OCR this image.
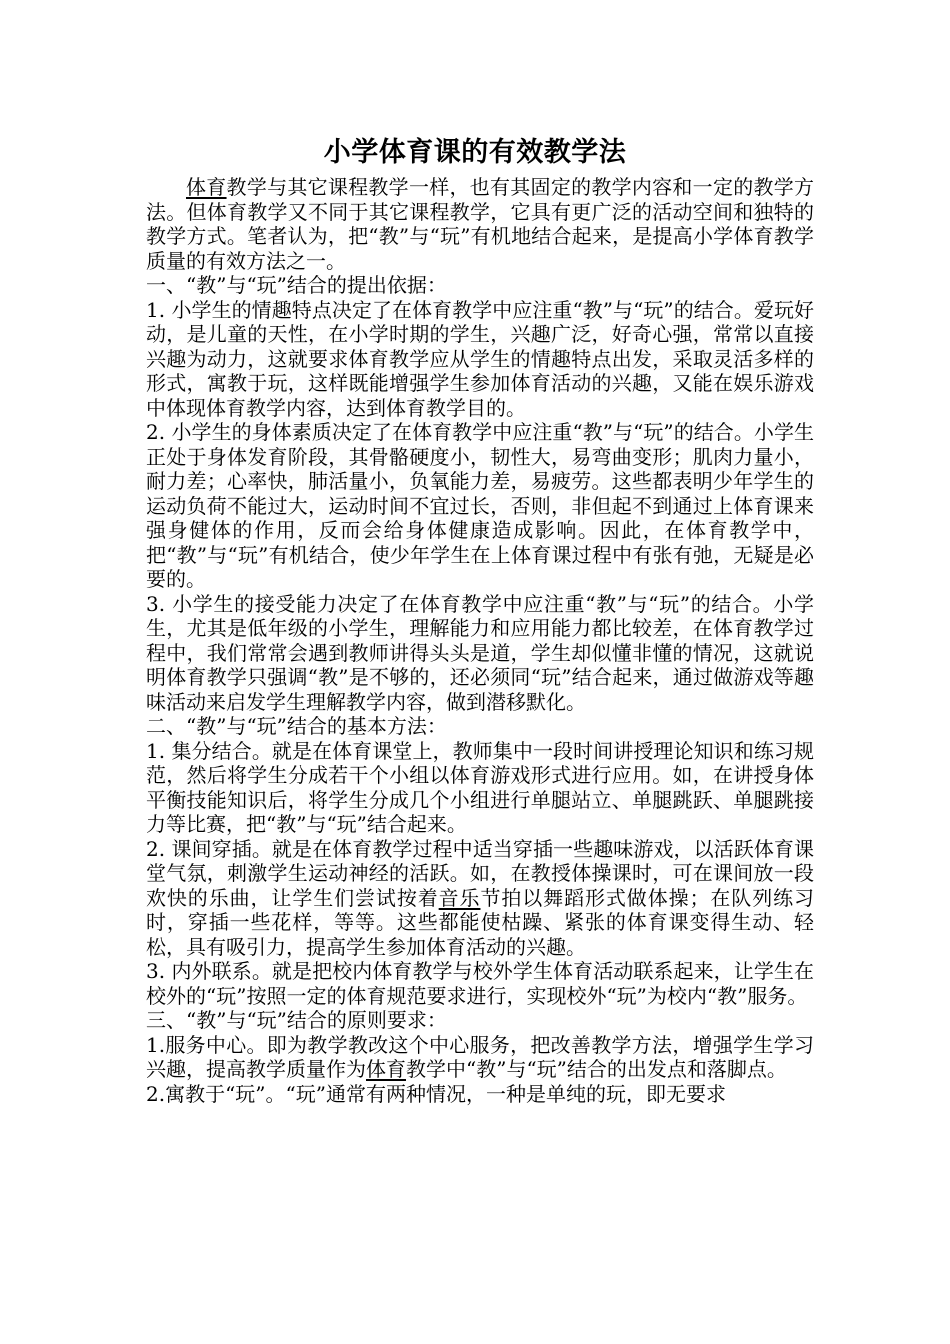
小学体育课的有效教学法

体育教学与其它课程教学一样，也有其固定的教学内容和一定的教学方法。但体育教学又不同于其它课程教学，它具有更广泛的活动空间和独特的教学方式。笔者认为，把“教”与“玩”有机地结合起来，是提高小学体育教学质量的有效方法之一。

一、“教”与“玩”结合的提出依据：

1. 小学生的情趣特点决定了在体育教学中应注重“教”与“玩”的结合。爱玩好动，是儿童的天性，在小学时期的学生，兴趣广泛，好奇心强，常常以直接兴趣为动力，这就要求体育教学应从学生的情趣特点出发，采取灵活多样的形式，寓教于玩，这样既能增强学生参加体育活动的兴趣，又能在娱乐游戏中体现体育教学内容，达到体育教学目的。

2. 小学生的身体素质决定了在体育教学中应注重“教”与“玩”的结合。小学生正处于身体发育阶段，其骨骼硬度小，韧性大，易弯曲变形；肌肉力量小，耐力差；心率快，肺活量小，负氧能力差，易疲劳。这些都表明少年学生的运动负荷不能过大，运动时间不宜过长，否则，非但起不到通过上体育课来强身健体的作用，反而会给身体健康造成影响。因此，在体育教学中，把“教”与“玩”有机结合，使少年学生在上体育课过程中有张有弛，无疑是必要的。

3. 小学生的接受能力决定了在体育教学中应注重“教”与“玩”的结合。小学生，尤其是低年级的小学生，理解能力和应用能力都比较差，在体育教学过程中，我们常常会遇到教师讲得头头是道，学生却似懂非懂的情况，这就说明体育教学只强调“教”是不够的，还必须同“玩”结合起来，通过做游戏等趣味活动来启发学生理解教学内容，做到潜移默化。

二、“教”与“玩”结合的基本方法：

1. 集分结合。就是在体育课堂上，教师集中一段时间讲授理论知识和练习规范，然后将学生分成若干个小组以体育游戏形式进行应用。如，在讲授身体平衡技能知识后，将学生分成几个小组进行单腿站立、单腿跳跃、单腿跳接力等比赛，把“教”与“玩”结合起来。

2. 课间穿插。就是在体育教学过程中适当穿插一些趣味游戏，以活跃体育课堂气氛，刺激学生运动神经的活跃。如，在教授体操课时，可在课间放一段欢快的乐曲，让学生们尝试按着音乐节拍以舞蹈形式做体操；在队列练习时，穿插一些花样，等等。这些都能使枯躁、紧张的体育课变得生动、轻松，具有吸引力，提高学生参加体育活动的兴趣。

3. 内外联系。就是把校内体育教学与校外学生体育活动联系起来，让学生在校外的“玩”按照一定的体育规范要求进行，实现校外“玩”为校内“教”服务。

三、“教”与“玩”结合的原则要求：

1.服务中心。即为教学教改这个中心服务，把改善教学方法，增强学生学习兴趣，提高教学质量作为体育教学中“教”与“玩”结合的出发点和落脚点。

2.寓教于“玩”。“玩”通常有两种情况，一种是单纯的玩，即无要求
